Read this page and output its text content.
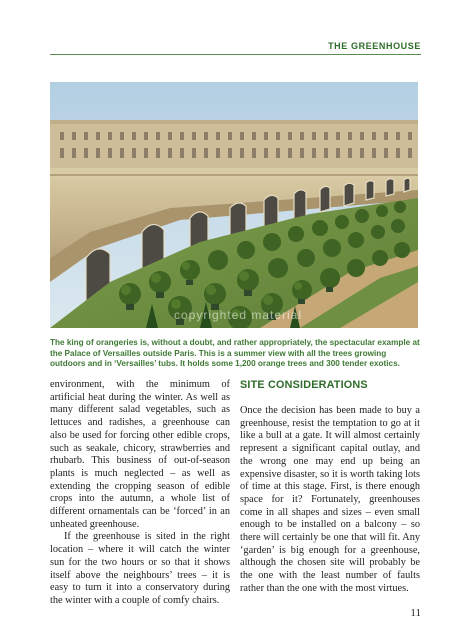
THE GREENHOUSE
copyrighted material
The king of orangeries is, without a doubt, and rather appropriately, the spectacular example at the Palace of Versailles outside Paris. This is a summer view with all the trees growing outdoors and in ‘Versailles’ tubs. It holds some 1,200 orange trees and 300 tender exotics.

environment, with the minimum of artificial heat during the winter. As well as many different salad vegetables, such as lettuces and radishes, a greenhouse can also be used for forcing other edible crops, such as seakale, chicory, strawberries and rhubarb. This business of out-of-season plants is much neglected – as well as extending the cropping season of edible crops into the autumn, a whole list of different ornamentals can be ‘forced’ in an unheated greenhouse.

If the greenhouse is sited in the right location – where it will catch the winter sun for the two hours or so that it shows itself above the neighbours’ trees – it is easy to turn it into a conservatory during the winter with a couple of comfy chairs.

SITE CONSIDERATIONS

Once the decision has been made to buy a greenhouse, resist the temptation to go at it like a bull at a gate. It will almost certainly represent a significant capital outlay, and the wrong one may end up being an expensive disaster, so it is worth taking lots of time at this stage. First, is there enough space for it? Fortunately, greenhouses come in all shapes and sizes – even small enough to be installed on a balcony – so there will certainly be one that will fit. Any ‘garden’ is big enough for a greenhouse, although the chosen site will probably be the one with the least number of faults rather than the one with the most virtues.

11
